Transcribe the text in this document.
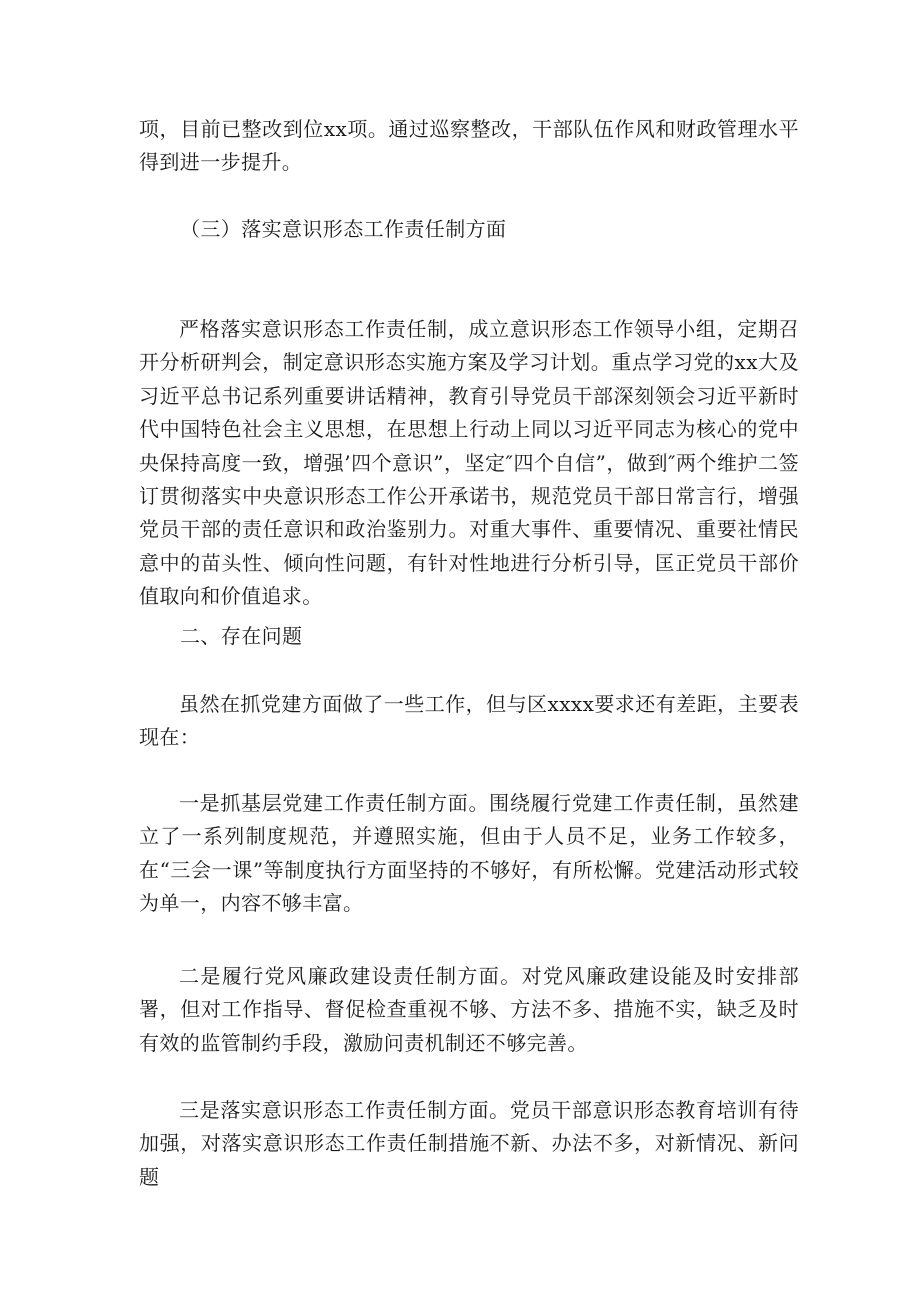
项，目前已整改到位xx项。通过巡察整改，干部队伍作风和财政管理水平得到进一步提升。

（三）落实意识形态工作责任制方面

严格落实意识形态工作责任制，成立意识形态工作领导小组，定期召开分析研判会，制定意识形态实施方案及学习计划。重点学习党的xx大及习近平总书记系列重要讲话精神，教育引导党员干部深刻领会习近平新时代中国特色社会主义思想，在思想上行动上同以习近平同志为核心的党中央保持高度一致，增强’四个意识”，坚定″四个自信”，做到″两个维护二签订贯彻落实中央意识形态工作公开承诺书，规范党员干部日常言行，增强党员干部的责任意识和政治鉴别力。对重大事件、重要情况、重要社情民意中的苗头性、倾向性问题，有针对性地进行分析引导，匡正党员干部价值取向和价值追求。

二、存在问题

虽然在抓党建方面做了一些工作，但与区xxxx要求还有差距，主要表现在：

一是抓基层党建工作责任制方面。围绕履行党建工作责任制，虽然建立了一系列制度规范，并遵照实施，但由于人员不足，业务工作较多，在“三会一课”等制度执行方面坚持的不够好，有所松懈。党建活动形式较为单一，内容不够丰富。

二是履行党风廉政建设责任制方面。对党风廉政建设能及时安排部署，但对工作指导、督促检查重视不够、方法不多、措施不实，缺乏及时有效的监管制约手段，激励问责机制还不够完善。

三是落实意识形态工作责任制方面。党员干部意识形态教育培训有待加强，对落实意识形态工作责任制措施不新、办法不多，对新情况、新问题
